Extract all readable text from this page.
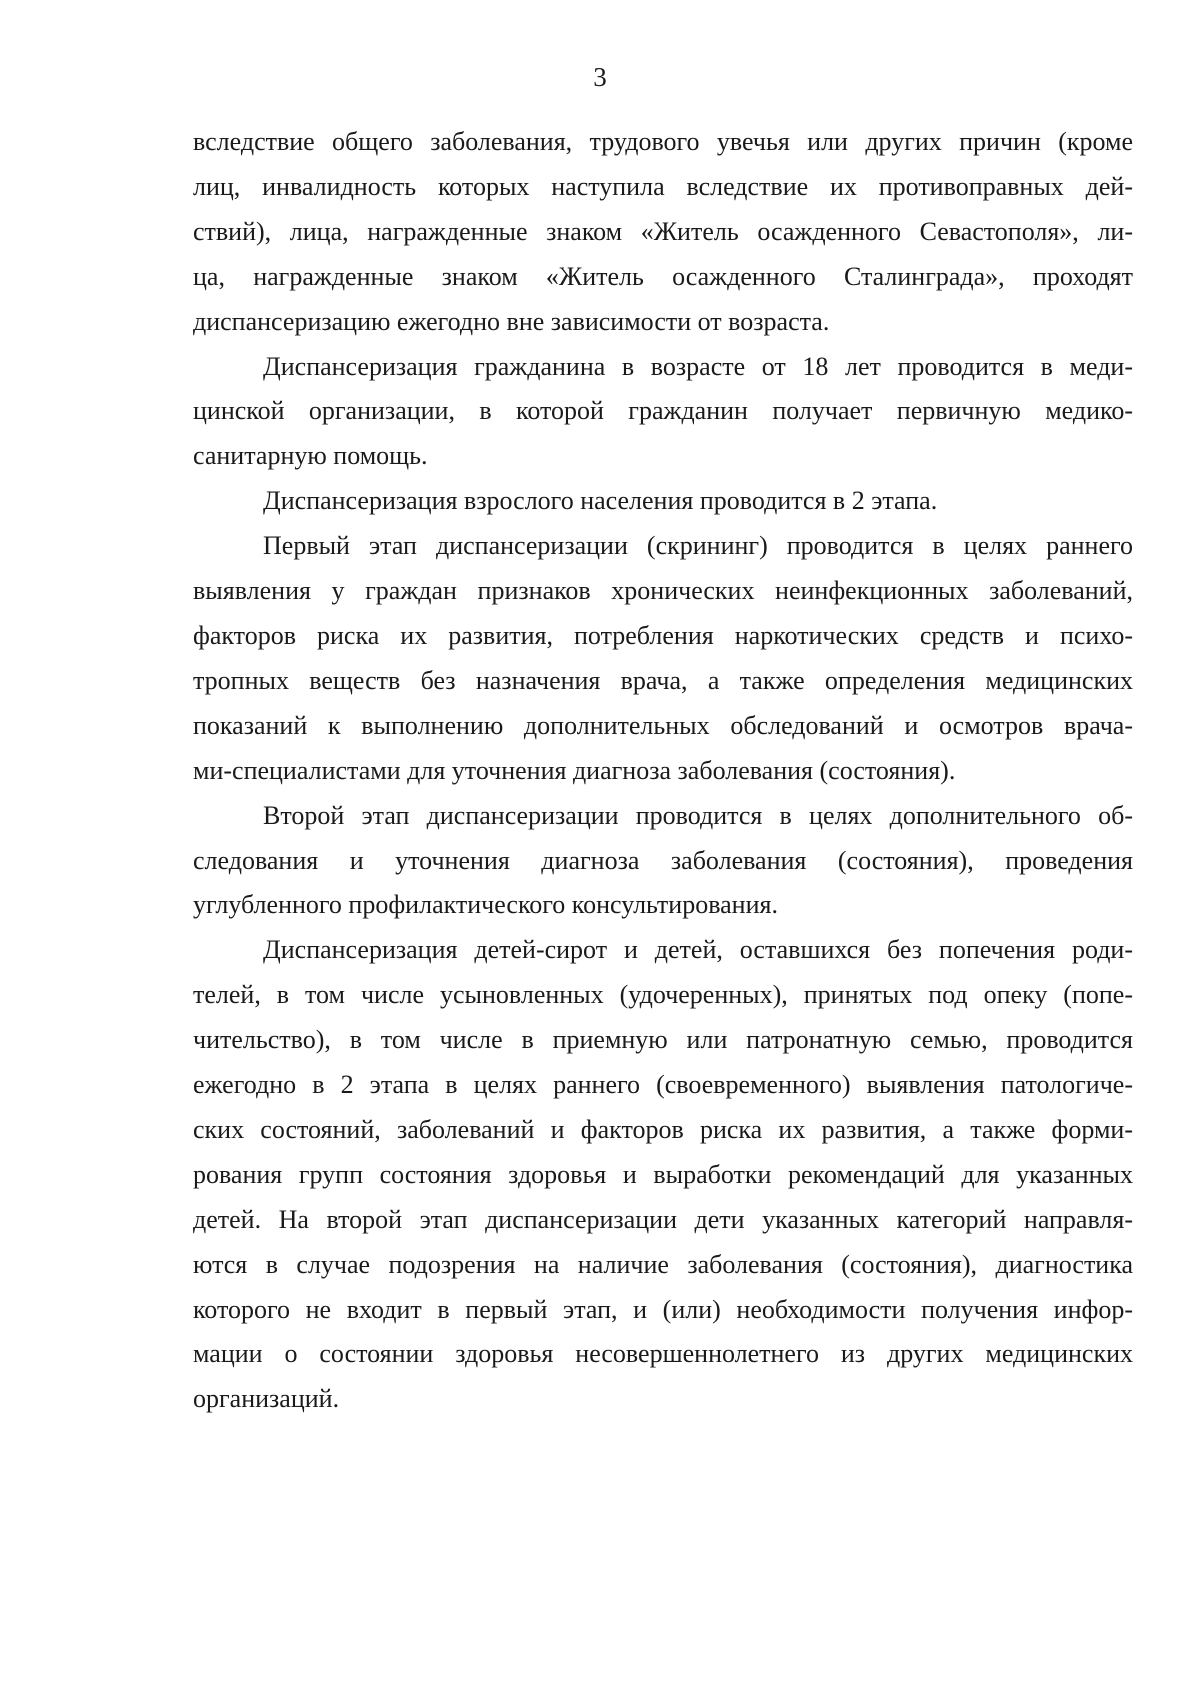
3

вследствие общего заболевания, трудового увечья или других причин (кроме
лиц, инвалидность которых наступила вследствие их противоправных дей-
ствий), лица, награжденные знаком «Житель осажденного Севастополя», ли-
ца, награжденные знаком «Житель осажденного Сталинграда», проходят
диспансеризацию ежегодно вне зависимости от возраста.

Диспансеризация гражданина в возрасте от 18 лет проводится в меди-
цинской организации, в которой гражданин получает первичную медико-
санитарную помощь.

Диспансеризация взрослого населения проводится в 2 этапа.

Первый этап диспансеризации (скрининг) проводится в целях раннего
выявления у граждан признаков хронических неинфекционных заболеваний,
факторов риска их развития, потребления наркотических средств и психо-
тропных веществ без назначения врача, а также определения медицинских
показаний к выполнению дополнительных обследований и осмотров врача-
ми-специалистами для уточнения диагноза заболевания (состояния).

Второй этап диспансеризации проводится в целях дополнительного об-
следования и уточнения диагноза заболевания (состояния), проведения
углубленного профилактического консультирования.

Диспансеризация детей-сирот и детей, оставшихся без попечения роди-
телей, в том числе усыновленных (удочеренных), принятых под опеку (попе-
чительство), в том числе в приемную или патронатную семью, проводится
ежегодно в 2 этапа в целях раннего (своевременного) выявления патологиче-
ских состояний, заболеваний и факторов риска их развития, а также форми-
рования групп состояния здоровья и выработки рекомендаций для указанных
детей. На второй этап диспансеризации дети указанных категорий направля-
ются в случае подозрения на наличие заболевания (состояния), диагностика
которого не входит в первый этап, и (или) необходимости получения инфор-
мации о состоянии здоровья несовершеннолетнего из других медицинских
организаций.
